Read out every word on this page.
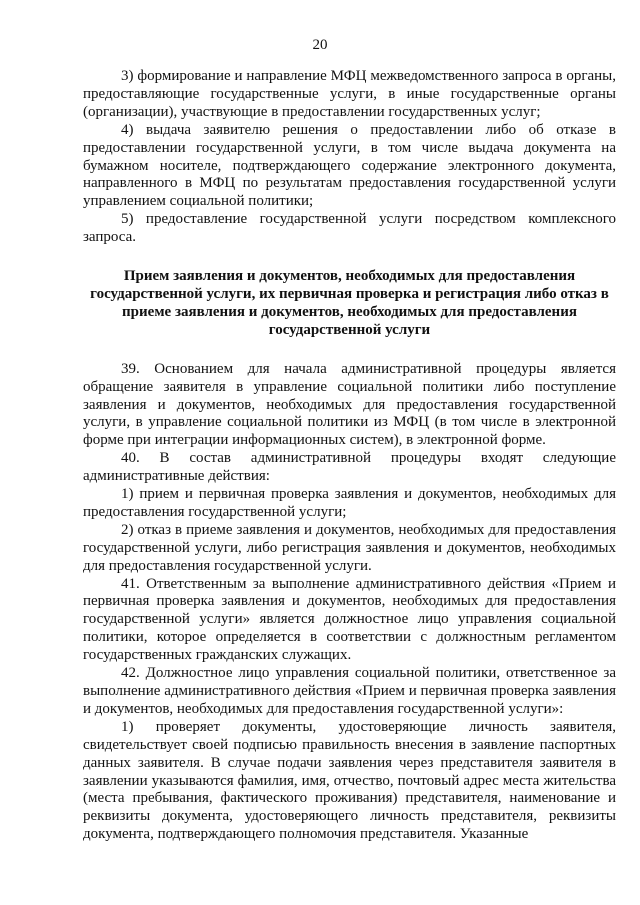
20

3) формирование и направление МФЦ межведомственного запроса в органы, предоставляющие государственные услуги, в иные государственные органы (организации), участвующие в предоставлении государственных услуг;

4) выдача заявителю решения о предоставлении либо об отказе в предоставлении государственной услуги, в том числе выдача документа на бумажном носителе, подтверждающего содержание электронного документа, направленного в МФЦ по результатам предоставления государственной услуги управлением социальной политики;

5) предоставление государственной услуги посредством комплексного запроса.

Прием заявления и документов, необходимых для предоставления государственной услуги, их первичная проверка и регистрация либо отказ в приеме заявления и документов, необходимых для предоставления государственной услуги

39. Основанием для начала административной процедуры является обращение заявителя в управление социальной политики либо поступление заявления и документов, необходимых для предоставления государственной услуги, в управление социальной политики из МФЦ (в том числе в электронной форме при интеграции информационных систем), в электронной форме.

40. В состав административной процедуры входят следующие административные действия:

1) прием и первичная проверка заявления и документов, необходимых для предоставления государственной услуги;

2) отказ в приеме заявления и документов, необходимых для предоставления государственной услуги, либо регистрация заявления и документов, необходимых для предоставления государственной услуги.

41. Ответственным за выполнение административного действия «Прием и первичная проверка заявления и документов, необходимых для предоставления государственной услуги» является должностное лицо управления социальной политики, которое определяется в соответствии с должностным регламентом государственных гражданских служащих.

42. Должностное лицо управления социальной политики, ответственное за выполнение административного действия «Прием и первичная проверка заявления и документов, необходимых для предоставления государственной услуги»:

1) проверяет документы, удостоверяющие личность заявителя, свидетельствует своей подписью правильность внесения в заявление паспортных данных заявителя. В случае подачи заявления через представителя заявителя в заявлении указываются фамилия, имя, отчество, почтовый адрес места жительства (места пребывания, фактического проживания) представителя, наименование и реквизиты документа, удостоверяющего личность представителя, реквизиты документа, подтверждающего полномочия представителя. Указанные
